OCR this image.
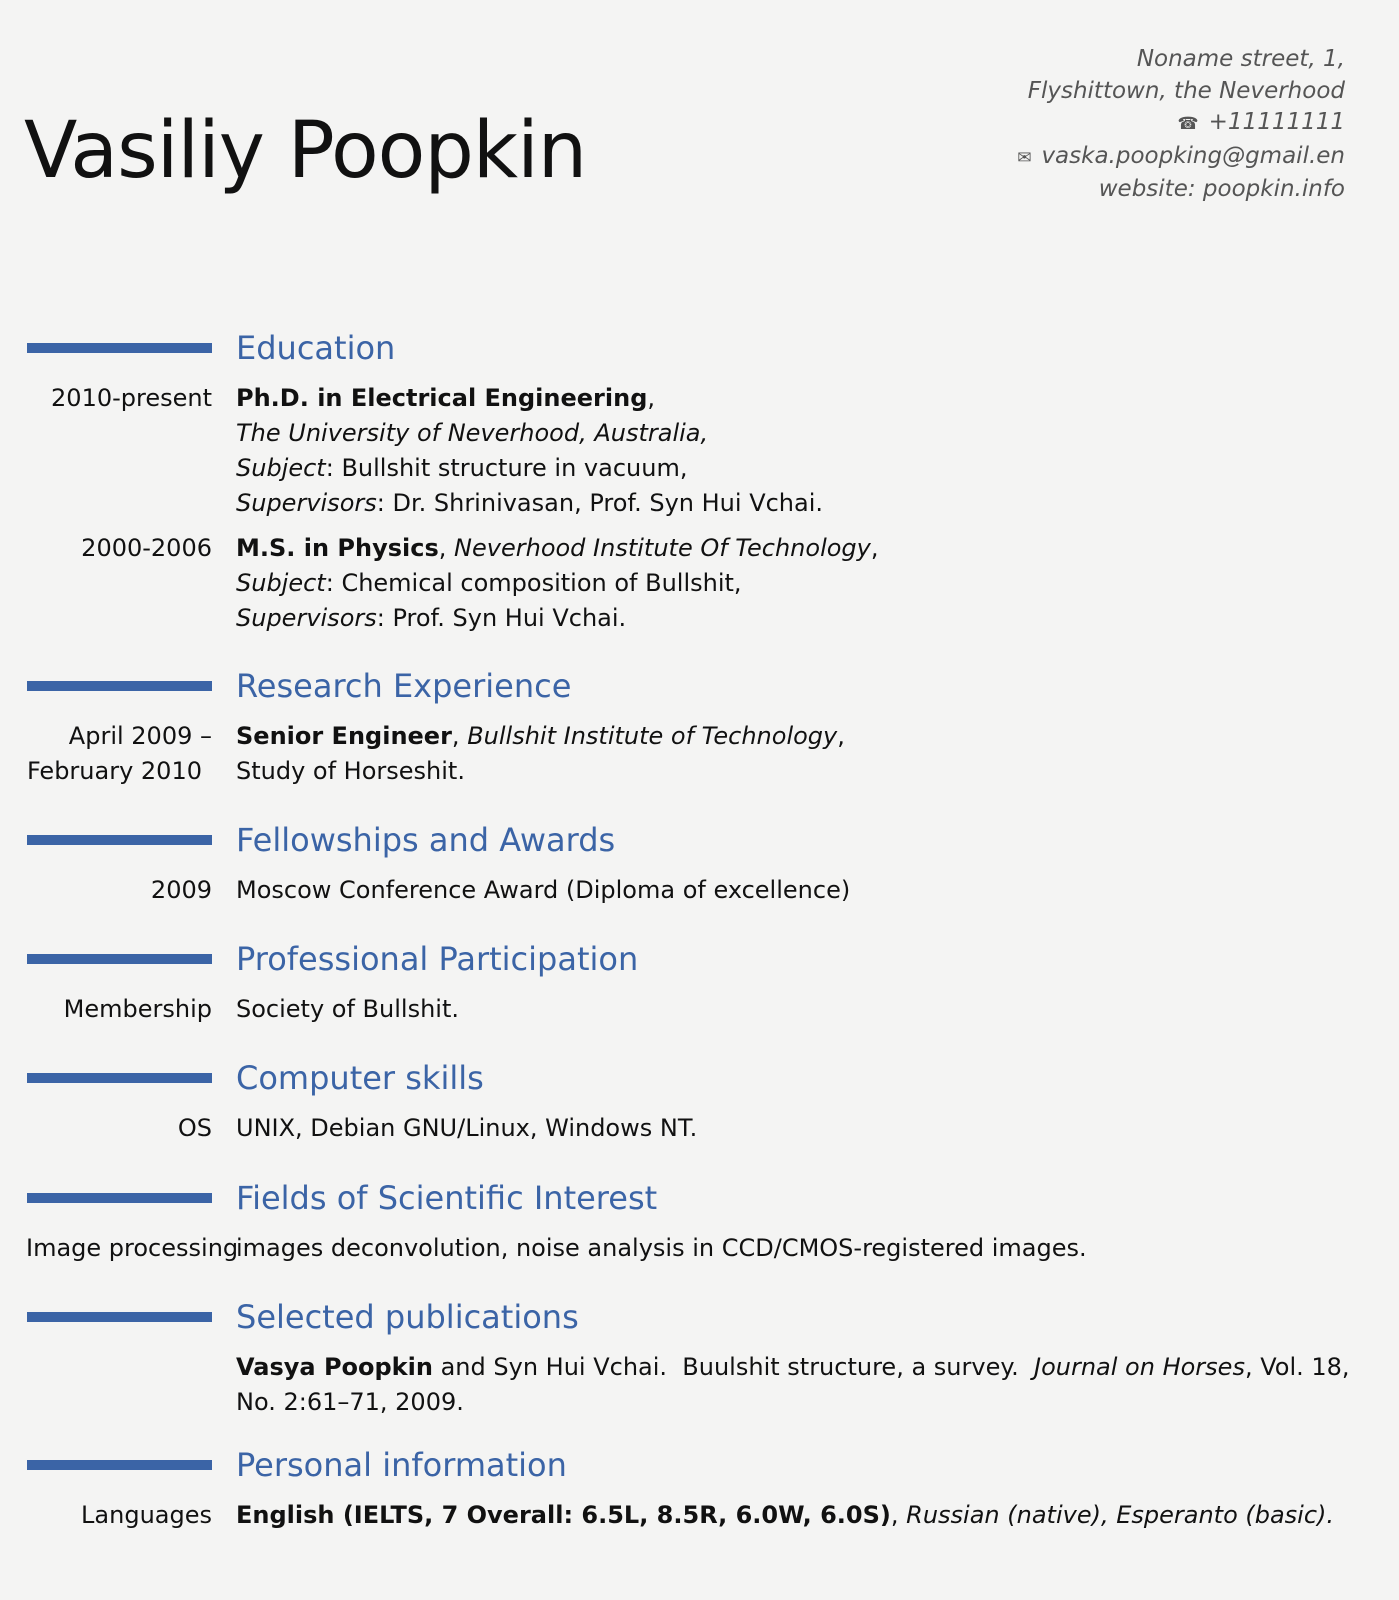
Vasiliy Poopkin
Noname street, 1,
Flyshittown, the Neverhood
☎ +11111111
✉ vaska.poopking@gmail.en
website: poopkin.info
Education
2010-present Ph.D. in Electrical Engineering,
The University of Neverhood, Australia,
Subject: Bullshit structure in vacuum,
Supervisors: Dr. Shrinivasan, Prof. Syn Hui Vchai.
2000-2006 M.S. in Physics, Neverhood Institute Of Technology,
Subject: Chemical composition of Bullshit,
Supervisors: Prof. Syn Hui Vchai.
Research Experience
April 2009 –
February 2010
Senior Engineer, Bullshit Institute of Technology,
Study of Horseshit.
Fellowships and Awards
2009 Moscow Conference Award (Diploma of excellence)
Professional Participation
Membership Society of Bullshit.
Computer skills
OS UNIX, Debian GNU/Linux, Windows NT.
Fields of Scientific Interest
Image processing
images deconvolution, noise analysis in CCD/CMOS-registered images.
Selected publications
Vasya Poopkin and Syn Hui Vchai.  Buulshit structure, a survey.  Journal on Horses, Vol. 18,
No. 2:61–71, 2009.
Personal information
Languages English (IELTS, 7 Overall: 6.5L, 8.5R, 6.0W, 6.0S), Russian (native), Esperanto (basic).
